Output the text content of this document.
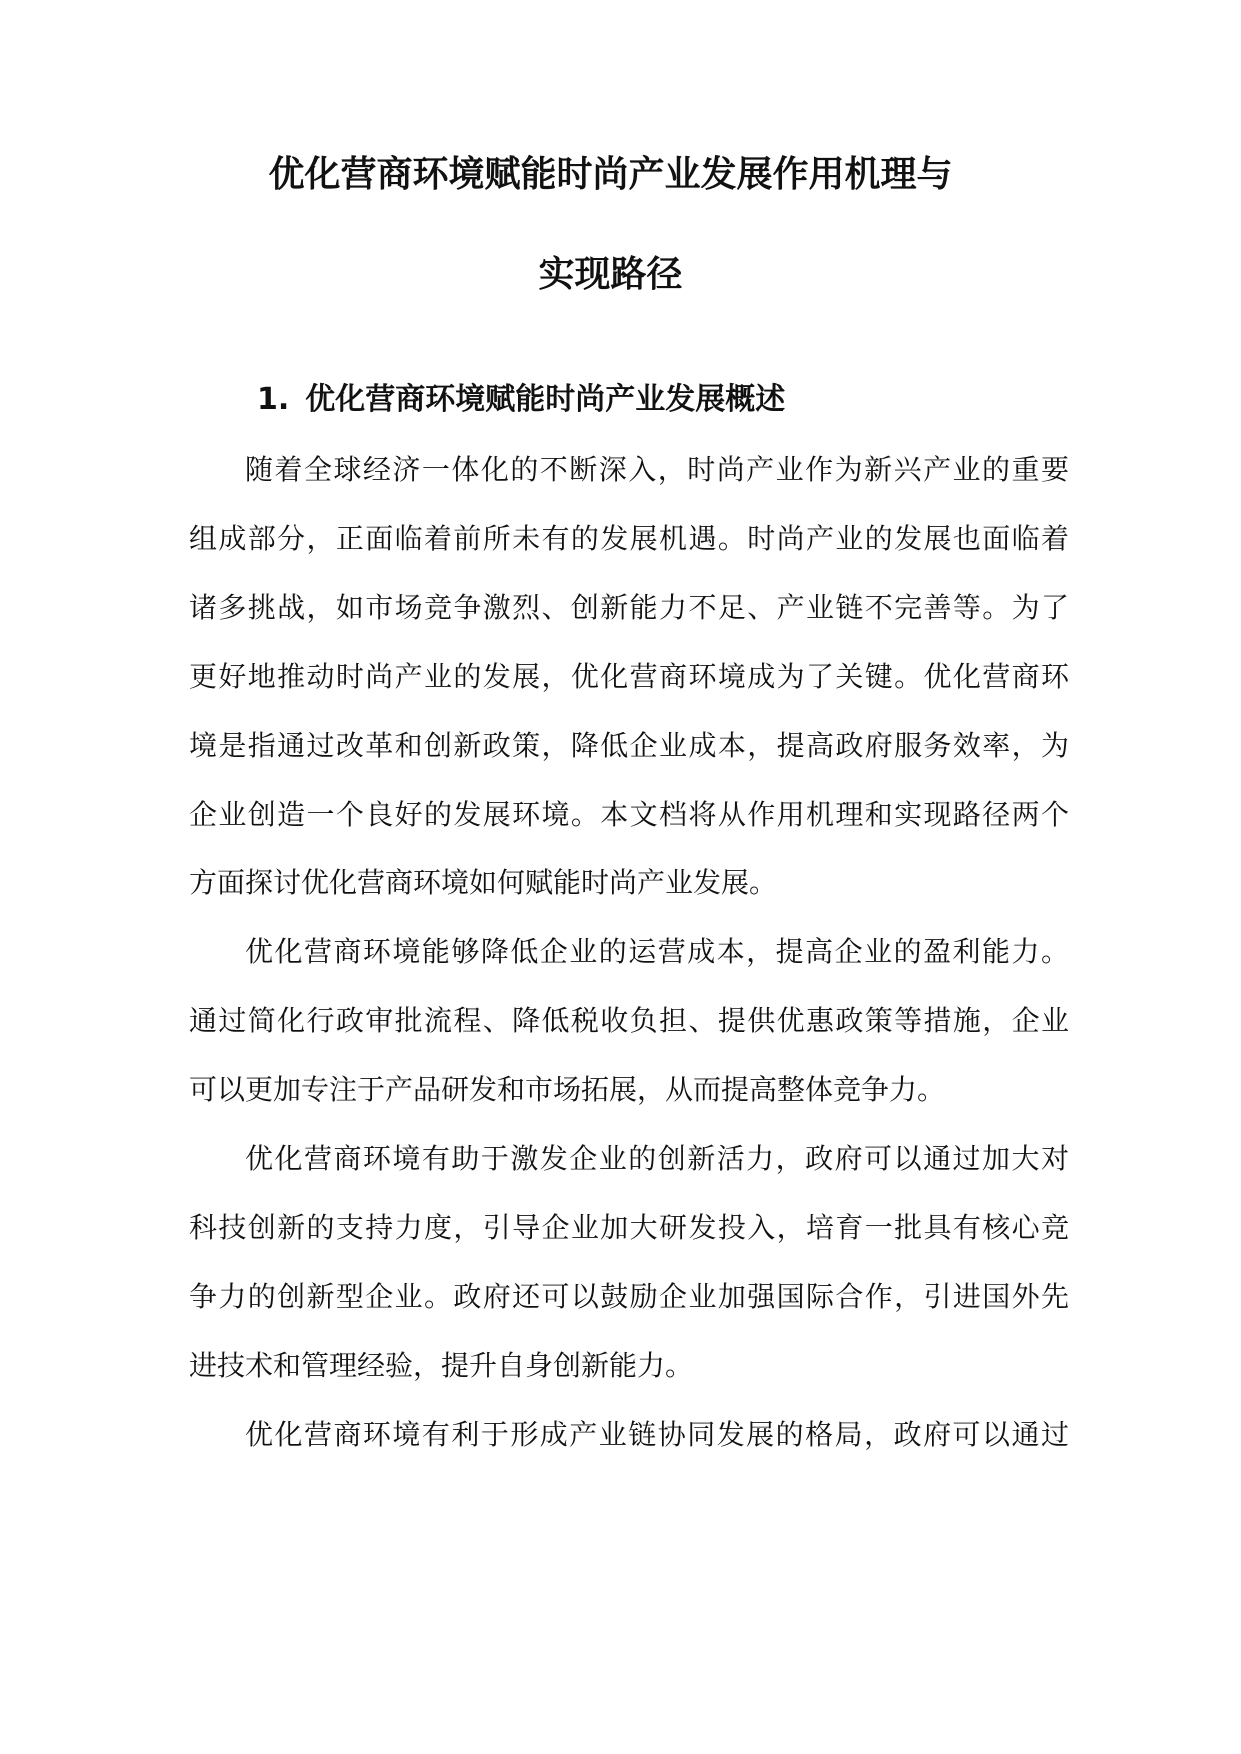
优化营商环境赋能时尚产业发展作用机理与
实现路径
1. 优化营商环境赋能时尚产业发展概述

随着全球经济一体化的不断深入，时尚产业作为新兴产业的重要

组成部分，正面临着前所未有的发展机遇。时尚产业的发展也面临着

诸多挑战，如市场竞争激烈、创新能力不足、产业链不完善等。为了

更好地推动时尚产业的发展，优化营商环境成为了关键。优化营商环

境是指通过改革和创新政策，降低企业成本，提高政府服务效率，为

企业创造一个良好的发展环境。本文档将从作用机理和实现路径两个

方面探讨优化营商环境如何赋能时尚产业发展。

优化营商环境能够降低企业的运营成本，提高企业的盈利能力。

通过简化行政审批流程、降低税收负担、提供优惠政策等措施，企业

可以更加专注于产品研发和市场拓展，从而提高整体竞争力。

优化营商环境有助于激发企业的创新活力，政府可以通过加大对

科技创新的支持力度，引导企业加大研发投入，培育一批具有核心竞

争力的创新型企业。政府还可以鼓励企业加强国际合作，引进国外先

进技术和管理经验，提升自身创新能力。

优化营商环境有利于形成产业链协同发展的格局，政府可以通过
